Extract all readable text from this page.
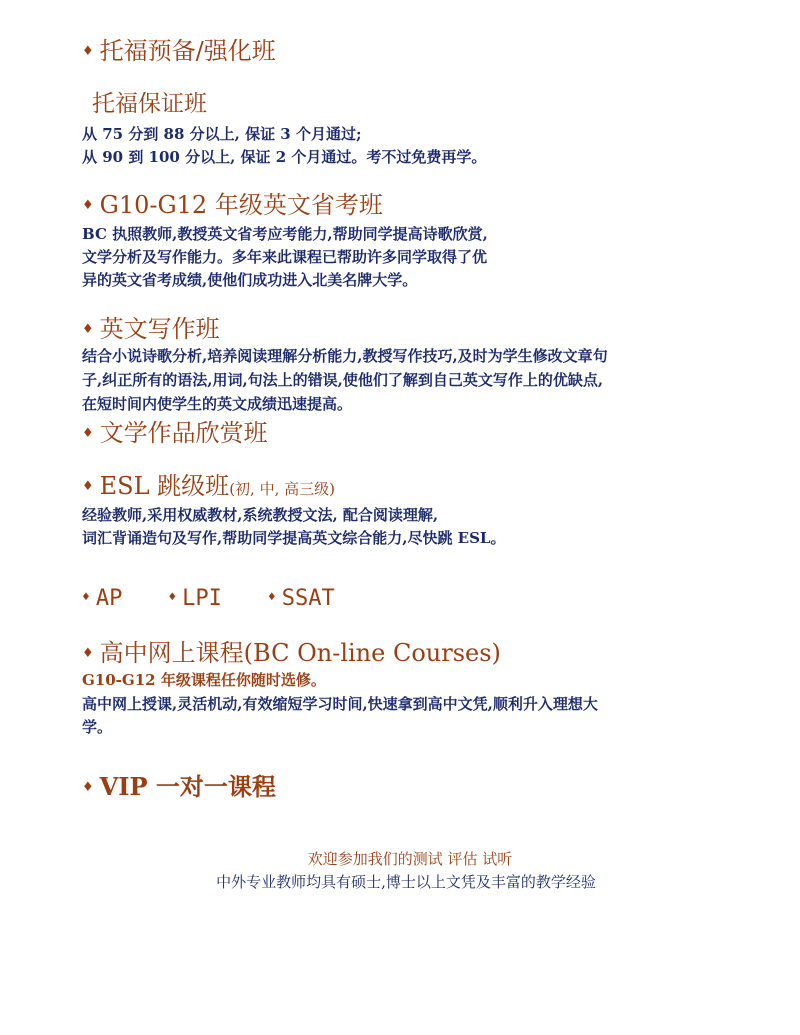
♦ 托福预备/强化班
托福保证班
从 75 分到 88 分以上, 保证 3 个月通过;
从 90 到 100 分以上, 保证 2 个月通过。考不过免费再学。
♦ G10-G12 年级英文省考班
BC 执照教师,教授英文省考应考能力,帮助同学提高诗歌欣赏,
文学分析及写作能力。多年来此课程已帮助许多同学取得了优
异的英文省考成绩,使他们成功进入北美名牌大学。
♦ 英文写作班
结合小说诗歌分析,培养阅读理解分析能力,教授写作技巧,及时为学生修改文章句
子,纠正所有的语法,用词,句法上的错误,使他们了解到自己英文写作上的优缺点,
在短时间内使学生的英文成绩迅速提高。
♦ 文学作品欣赏班
♦ ESL 跳级班(初, 中, 高三级)
经验教师,采用权威教材,系统教授文法, 配合阅读理解,
词汇背诵造句及写作,帮助同学提高英文综合能力,尽快跳 ESL。
♦ AP	♦ LPI	♦ SSAT
♦ 高中网上课程(BC On-line Courses)
G10-G12 年级课程任你随时选修。
高中网上授课,灵活机动,有效缩短学习时间,快速拿到高中文凭,顺利升入理想大
学。
♦ VIP 一对一课程
欢迎参加我们的测试 评估 试听
中外专业教师均具有硕士,博士以上文凭及丰富的教学经验
